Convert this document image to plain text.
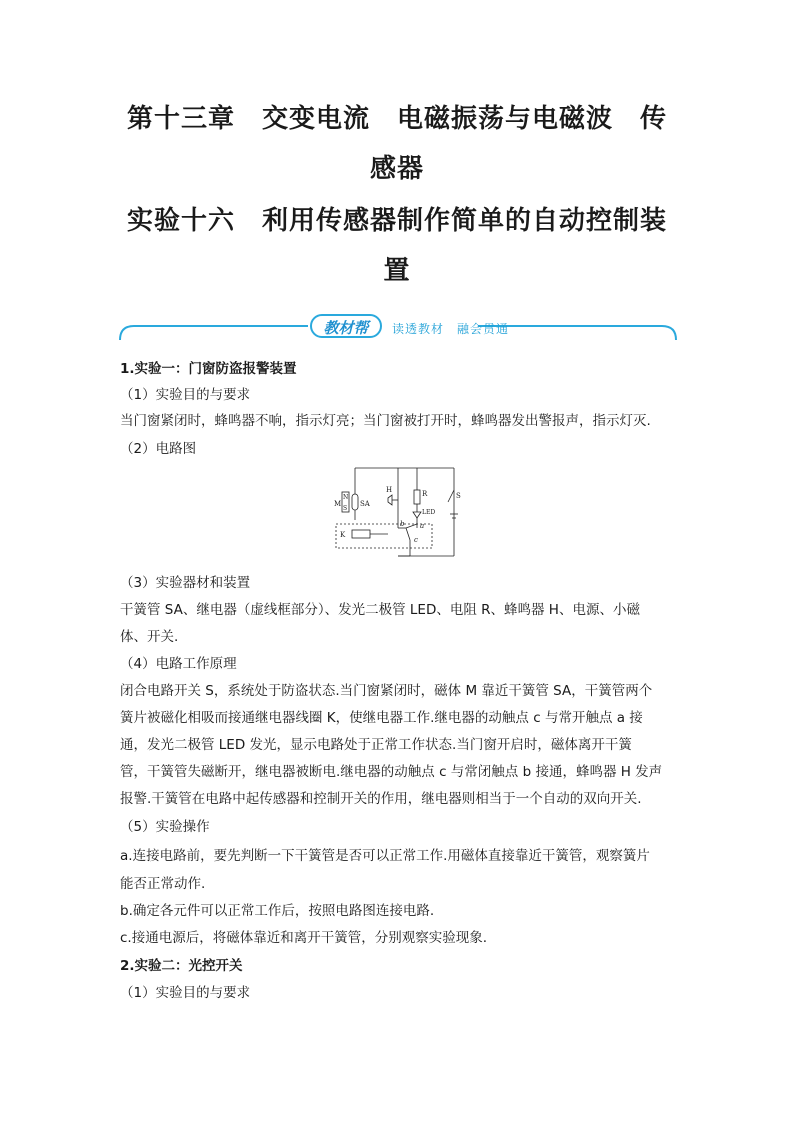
第十三章　交变电流　电磁振荡与电磁波　传
感器
实验十六　利用传感器制作简单的自动控制装
置
教材帮	读透教材　融会贯通
1.实验一：门窗防盗报警装置
（1）实验目的与要求
当门窗紧闭时，蜂鸣器不响，指示灯亮；当门窗被打开时，蜂鸣器发出警报声，指示灯灭.
（2）电路图
M
N
S
SA
H	R
LED
S
K
a
b
c
（3）实验器材和装置
干簧管 SA、继电器（虚线框部分）、发光二极管 LED、电阻 R、蜂鸣器 H、电源、小磁
体、开关.
（4）电路工作原理
闭合电路开关 S，系统处于防盗状态.当门窗紧闭时，磁体 M 靠近干簧管 SA，干簧管两个
簧片被磁化相吸而接通继电器线圈 K，使继电器工作.继电器的动触点 c 与常开触点 a 接
通，发光二极管 LED 发光，显示电路处于正常工作状态.当门窗开启时，磁体离开干簧
管，干簧管失磁断开，继电器被断电.继电器的动触点 c 与常闭触点 b 接通，蜂鸣器 H 发声
报警.干簧管在电路中起传感器和控制开关的作用，继电器则相当于一个自动的双向开关.
（5）实验操作
a.连接电路前，要先判断一下干簧管是否可以正常工作.用磁体直接靠近干簧管，观察簧片
能否正常动作.
b.确定各元件可以正常工作后，按照电路图连接电路.
c.接通电源后，将磁体靠近和离开干簧管，分别观察实验现象.
2.实验二：光控开关
（1）实验目的与要求
